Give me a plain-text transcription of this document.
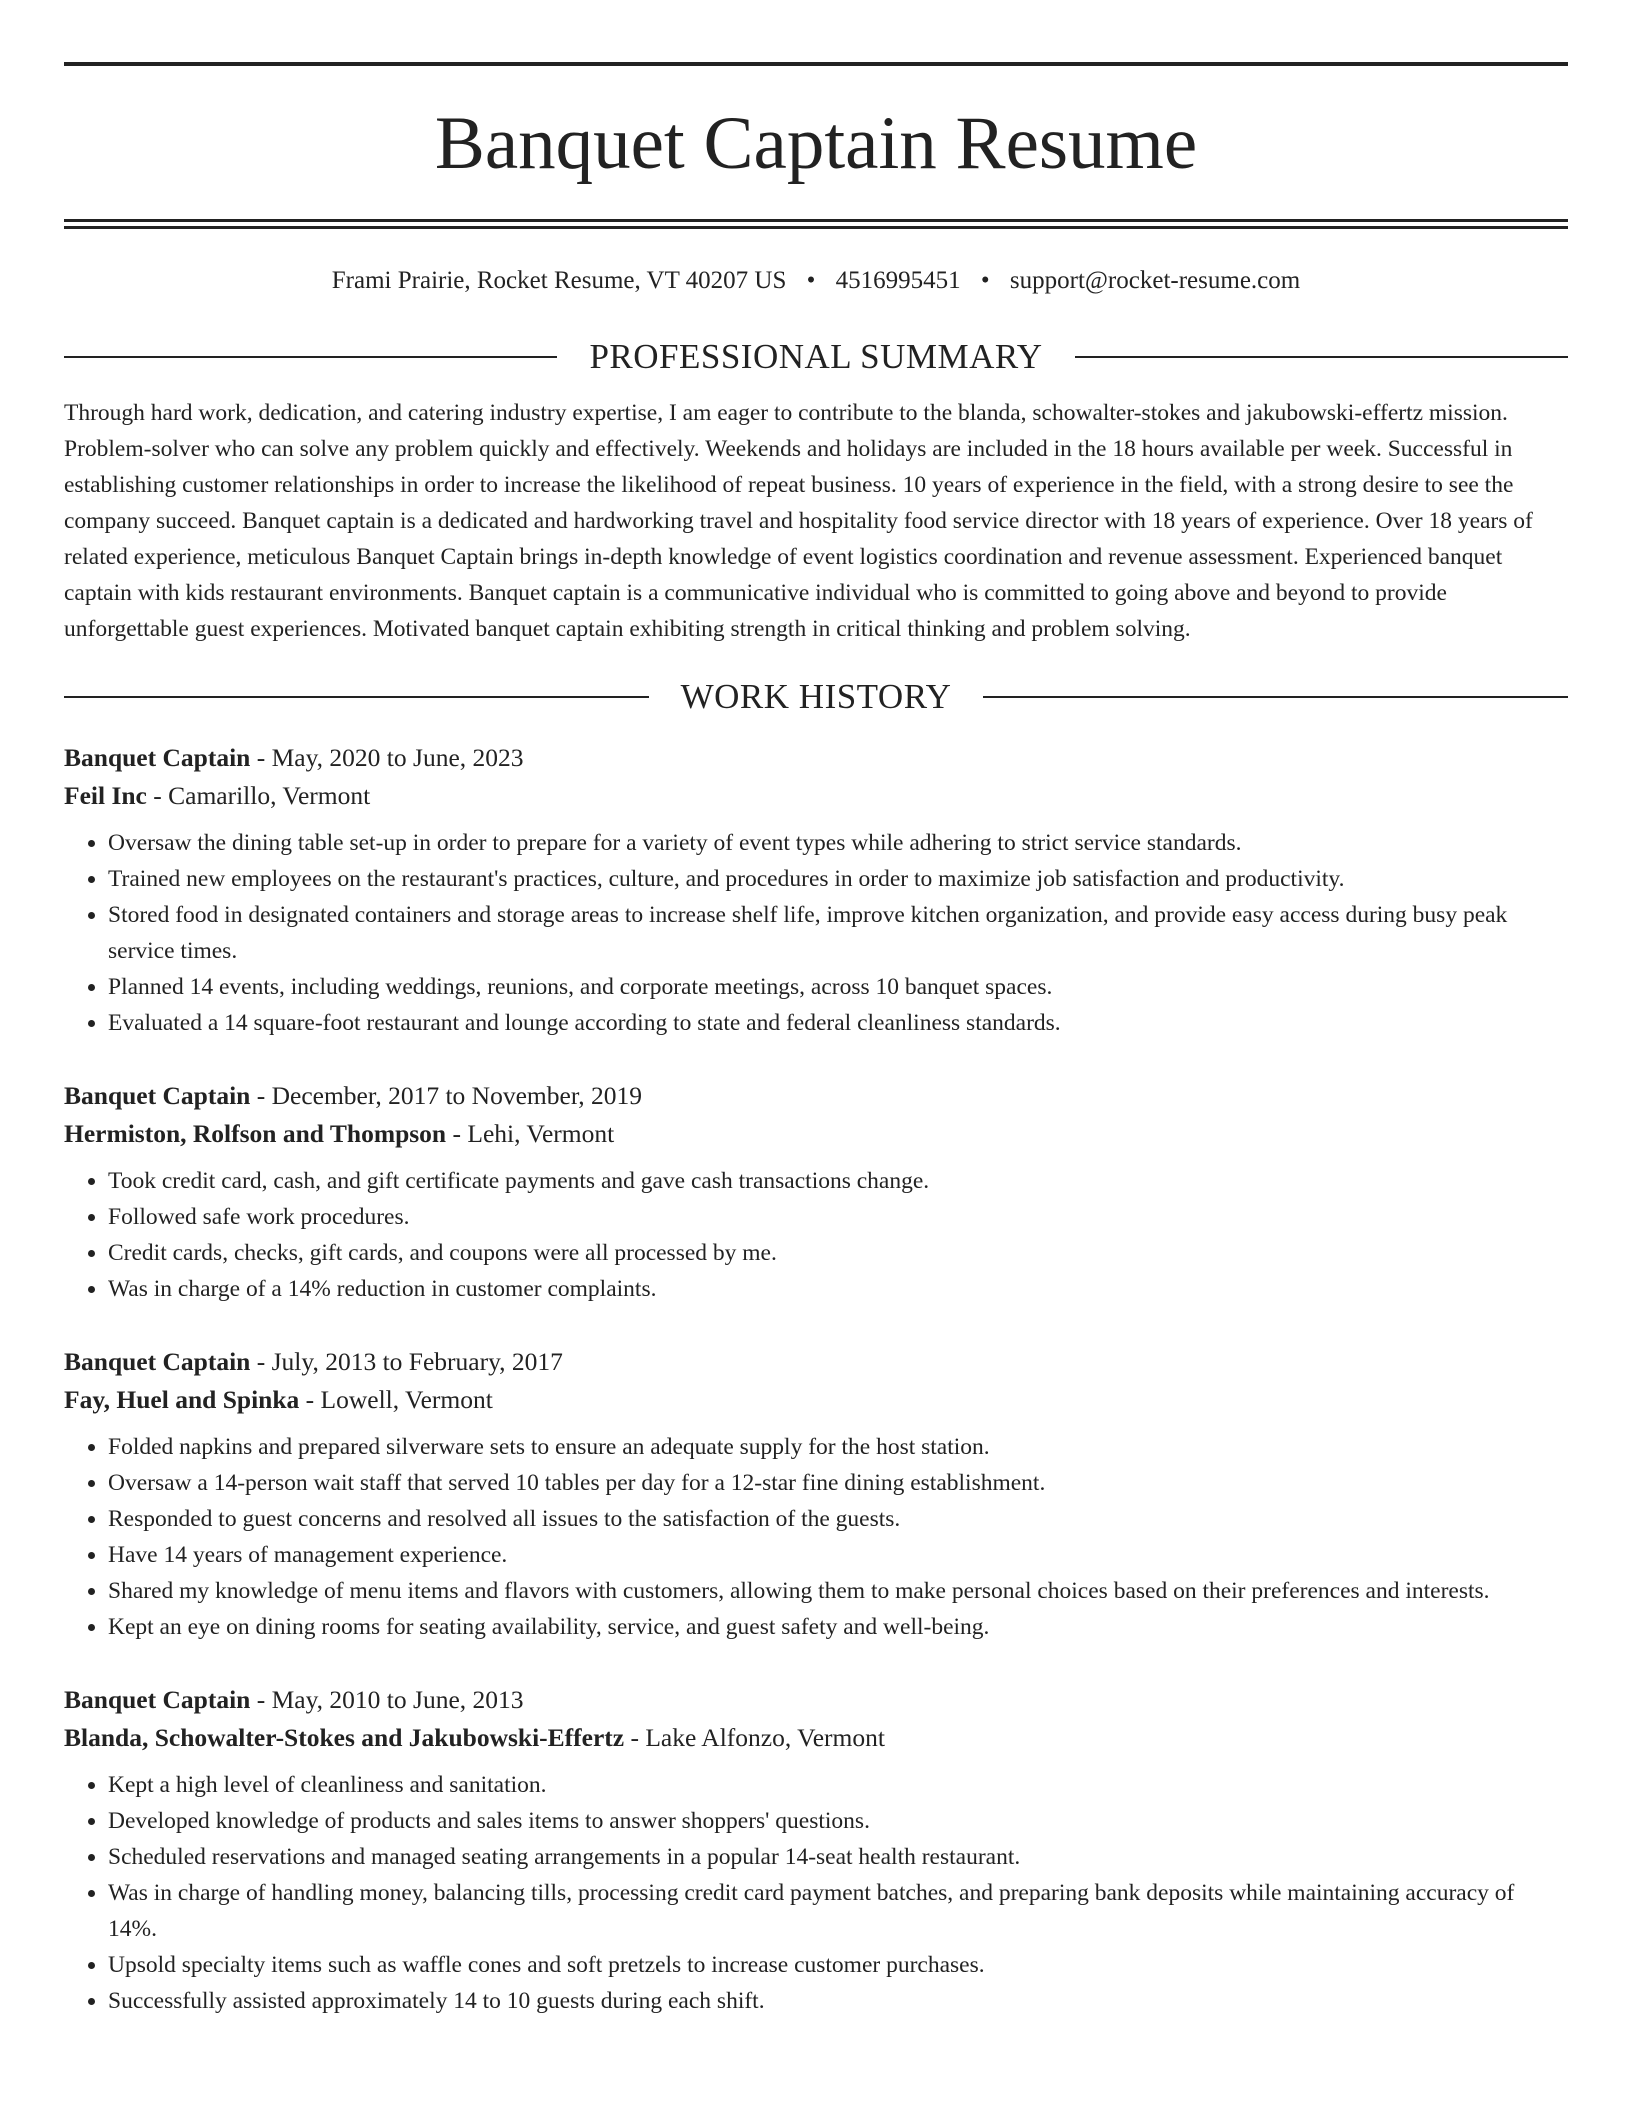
Banquet Captain Resume
Frami Prairie, Rocket Resume, VT 40207 US • 4516995451 • support@rocket-resume.com
PROFESSIONAL SUMMARY

Through hard work, dedication, and catering industry expertise, I am eager to contribute to the blanda, schowalter-stokes and jakubowski-effertz mission. Problem-solver who can solve any problem quickly and effectively. Weekends and holidays are included in the 18 hours available per week. Successful in establishing customer relationships in order to increase the likelihood of repeat business. 10 years of experience in the field, with a strong desire to see the company succeed. Banquet captain is a dedicated and hardworking travel and hospitality food service director with 18 years of experience. Over 18 years of related experience, meticulous Banquet Captain brings in-depth knowledge of event logistics coordination and revenue assessment. Experienced banquet captain with kids restaurant environments. Banquet captain is a communicative individual who is committed to going above and beyond to provide unforgettable guest experiences. Motivated banquet captain exhibiting strength in critical thinking and problem solving.

WORK HISTORY
Banquet Captain - May, 2020 to June, 2023
Feil Inc - Camarillo, Vermont
• Oversaw the dining table set-up in order to prepare for a variety of event types while adhering to strict service standards.
• Trained new employees on the restaurant's practices, culture, and procedures in order to maximize job satisfaction and productivity.
• Stored food in designated containers and storage areas to increase shelf life, improve kitchen organization, and provide easy access during busy peak service times.
• Planned 14 events, including weddings, reunions, and corporate meetings, across 10 banquet spaces.
• Evaluated a 14 square-foot restaurant and lounge according to state and federal cleanliness standards.
Banquet Captain - December, 2017 to November, 2019
Hermiston, Rolfson and Thompson - Lehi, Vermont
• Took credit card, cash, and gift certificate payments and gave cash transactions change.
• Followed safe work procedures.
• Credit cards, checks, gift cards, and coupons were all processed by me.
• Was in charge of a 14% reduction in customer complaints.
Banquet Captain - July, 2013 to February, 2017
Fay, Huel and Spinka - Lowell, Vermont
• Folded napkins and prepared silverware sets to ensure an adequate supply for the host station.
• Oversaw a 14-person wait staff that served 10 tables per day for a 12-star fine dining establishment.
• Responded to guest concerns and resolved all issues to the satisfaction of the guests.
• Have 14 years of management experience.
• Shared my knowledge of menu items and flavors with customers, allowing them to make personal choices based on their preferences and interests.
• Kept an eye on dining rooms for seating availability, service, and guest safety and well-being.
Banquet Captain - May, 2010 to June, 2013
Blanda, Schowalter-Stokes and Jakubowski-Effertz - Lake Alfonzo, Vermont
• Kept a high level of cleanliness and sanitation.
• Developed knowledge of products and sales items to answer shoppers' questions.
• Scheduled reservations and managed seating arrangements in a popular 14-seat health restaurant.
• Was in charge of handling money, balancing tills, processing credit card payment batches, and preparing bank deposits while maintaining accuracy of 14%.
• Upsold specialty items such as waffle cones and soft pretzels to increase customer purchases.
• Successfully assisted approximately 14 to 10 guests during each shift.
